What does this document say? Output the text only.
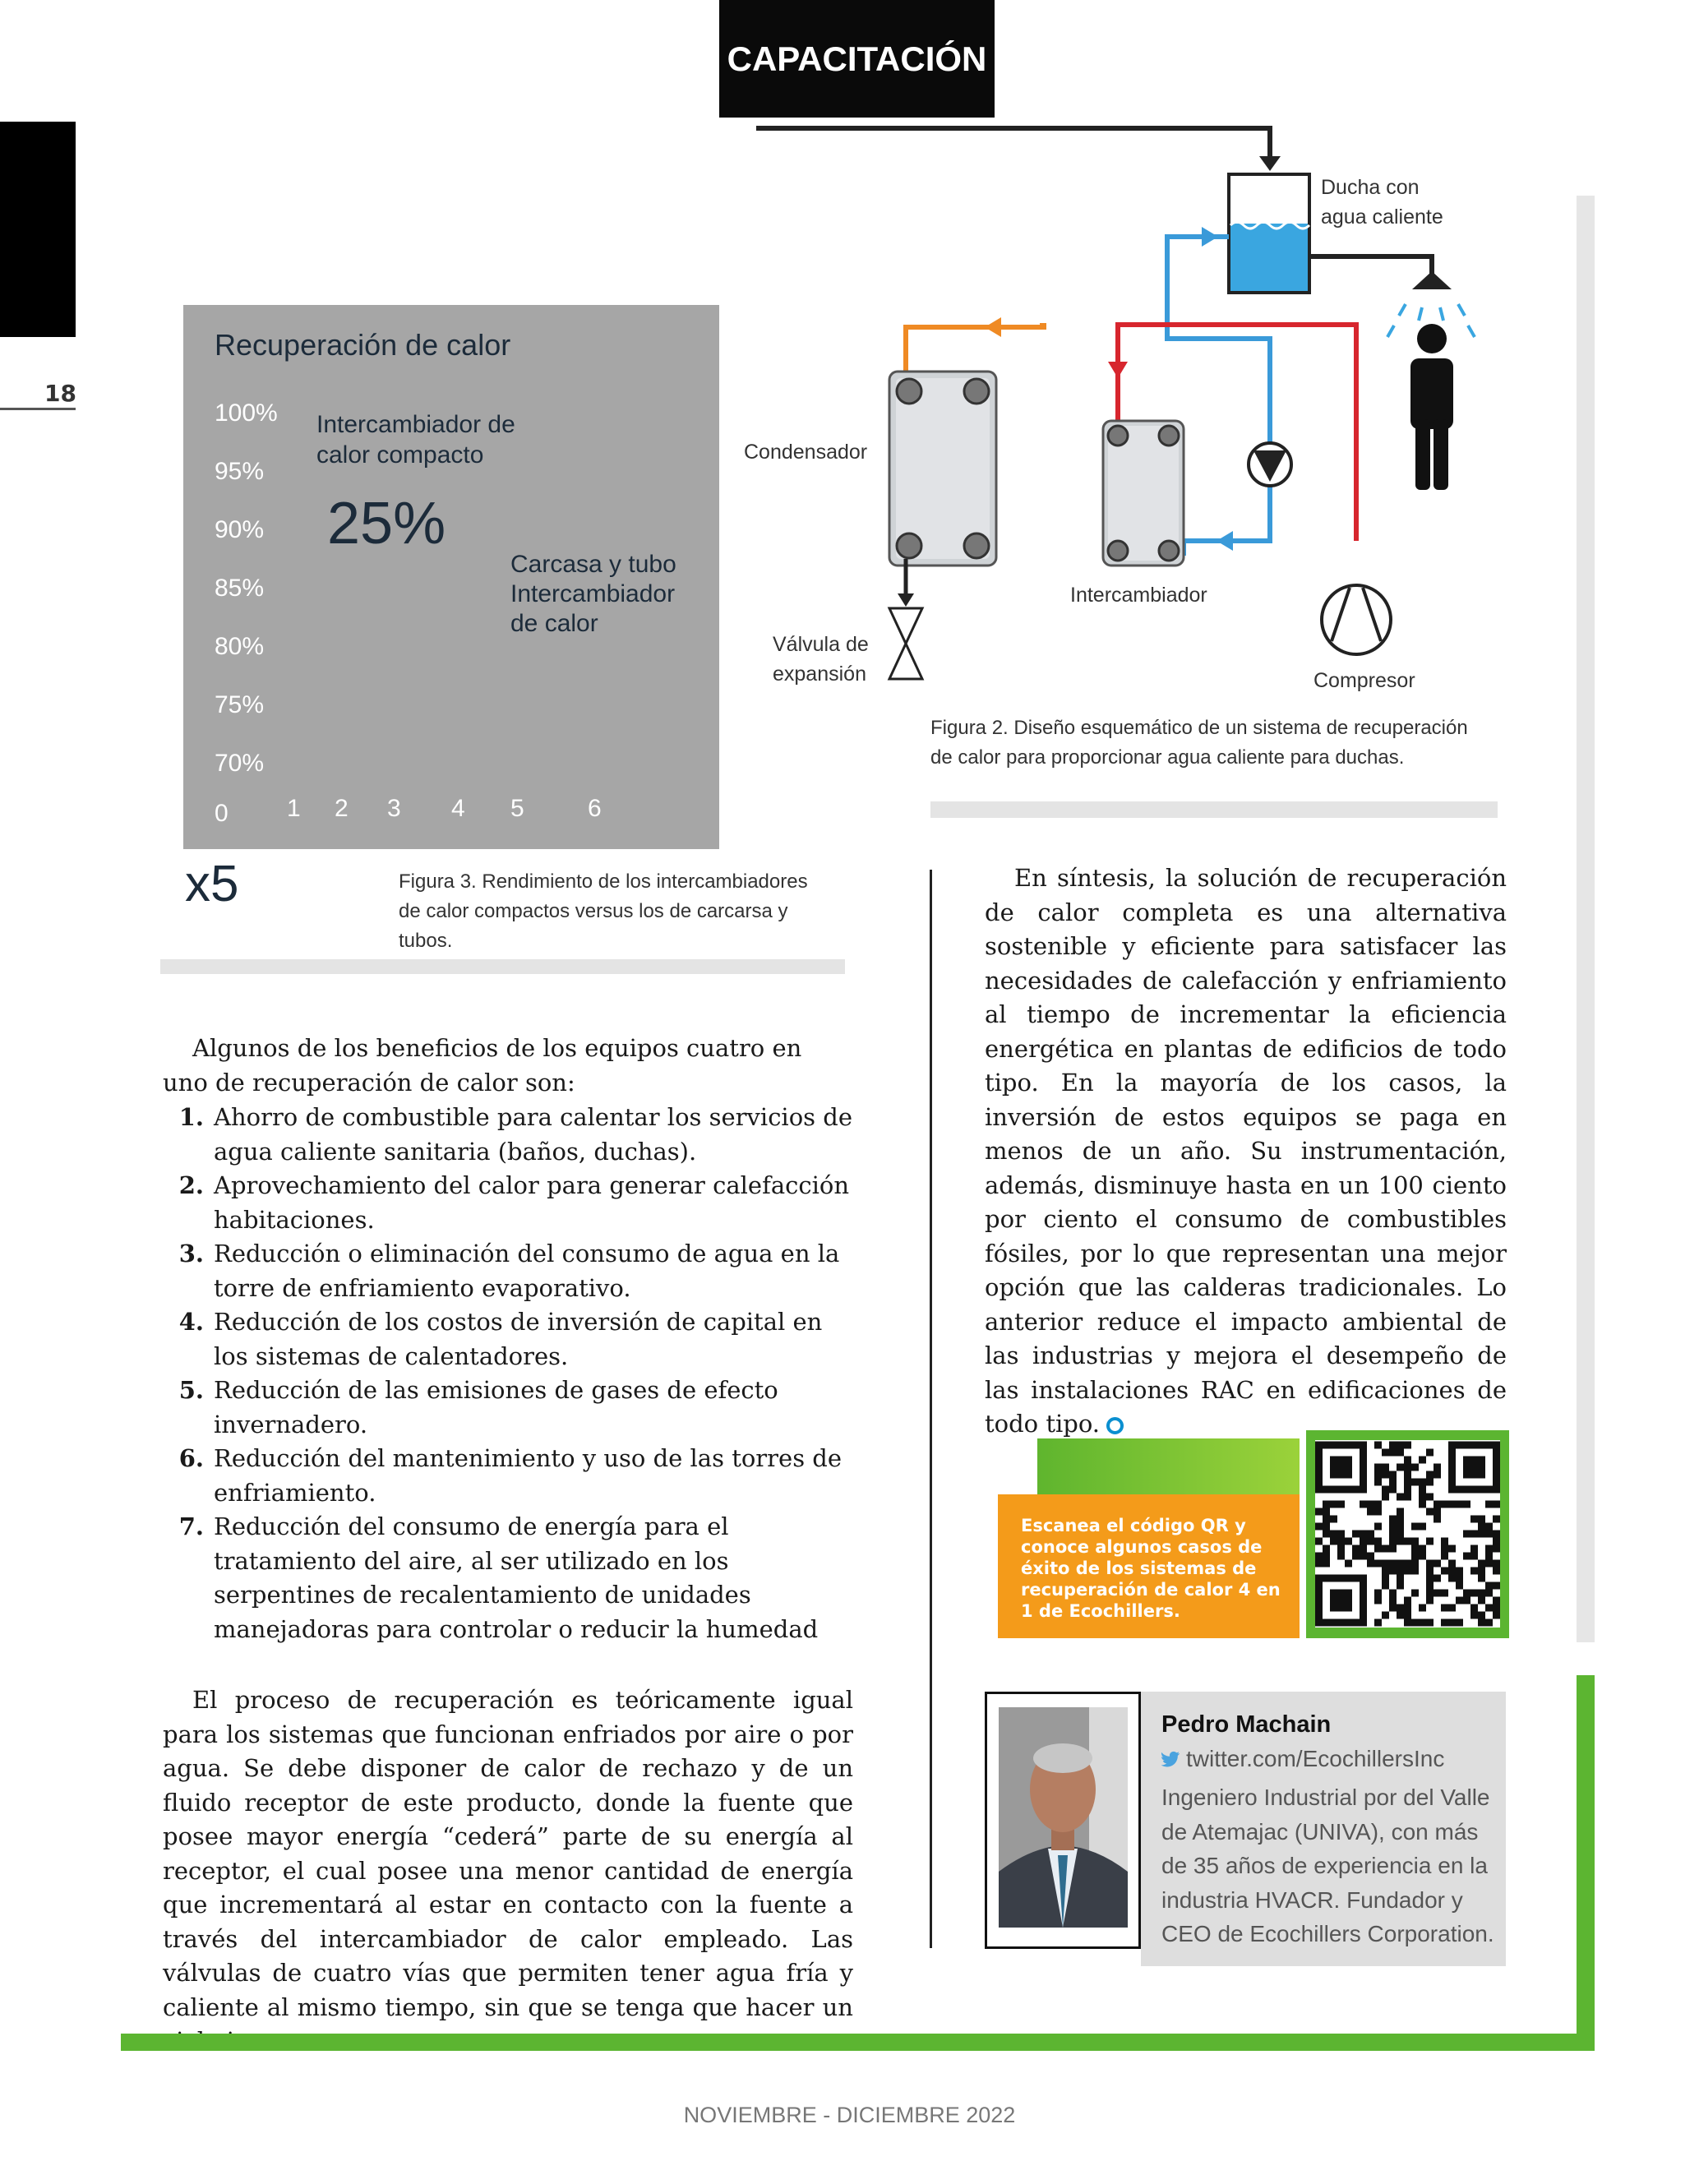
CAPACITACIÓN
18
Recuperación de calor
100%
95%
90%
85%
80%
75%
70%
0 1 2 3 4 5	6
Intercambiador de calor compacto
25%
Carcasa y tubo Intercambiador de calor
x5	Figura 3. Rendimiento de los intercambiadores de calor compactos versus los de carcarsa y tubos.
Ducha con agua caliente
Condensador
Intercambiador
Válvula de expansión	Compresor
Figura 2. Diseño esquemático de un sistema de recuperación de calor para proporcionar agua caliente para duchas.

Algunos de los beneficios de los equipos cuatro en uno de recuperación de calor son:

1. Ahorro de combustible para calentar los servicios de agua caliente sanitaria (baños, duchas).
2. Aprovechamiento del calor para generar calefacción habitaciones.
3. Reducción o eliminación del consumo de agua en la torre de enfriamiento evaporativo.
4. Reducción de los costos de inversión de capital en los sistemas de calentadores.
5. Reducción de las emisiones de gases de efecto invernadero.
6. Reducción del mantenimiento y uso de las torres de enfriamiento.
7. Reducción del consumo de energía para el tratamiento del aire, al ser utilizado en los serpentines de recalentamiento de unidades manejadoras para controlar o reducir la humedad

El proceso de recuperación es teóricamente igual para los sistemas que funcionan enfriados por aire o por agua. Se debe disponer de calor de rechazo y de un fluido receptor de este producto, donde la fuente que posee mayor energía “cederá” parte de su energía al receptor, el cual posee una menor cantidad de energía que incrementará al estar en contacto con la fuente a través del intercambiador de calor empleado. Las válvulas de cuatro vías que permiten tener agua fría y caliente al mismo tiempo, sin que se tenga que hacer un

En síntesis, la solución de recuperación de calor completa es una alternativa sostenible y eficiente para satisfacer las necesidades de calefacción y enfriamiento al tiempo de incrementar la eficiencia energética en plantas de edificios de todo tipo. En la mayoría de los casos, la inversión de estos equipos se paga en menos de un año. Su instrumentación, además, disminuye hasta en un 100 ciento por ciento el consumo de combustibles fósiles, por lo que representan una mejor opción que las calderas tradicionales. Lo anterior reduce el impacto ambiental de las industrias y mejora el desempeño de las instalaciones RAC en edificaciones de todo tipo.

Escanea el código QR y conoce algunos casos de éxito de los sistemas de recuperación de calor 4 en 1 de Ecochillers.
Pedro Machain
twitter.com/EcochillersInc
Ingeniero Industrial por del Valle de Atemajac (UNIVA), con más de 35 años de experiencia en la industria HVACR. Fundador y CEO de Ecochillers Corporation.
NOVIEMBRE - DICIEMBRE 2022
